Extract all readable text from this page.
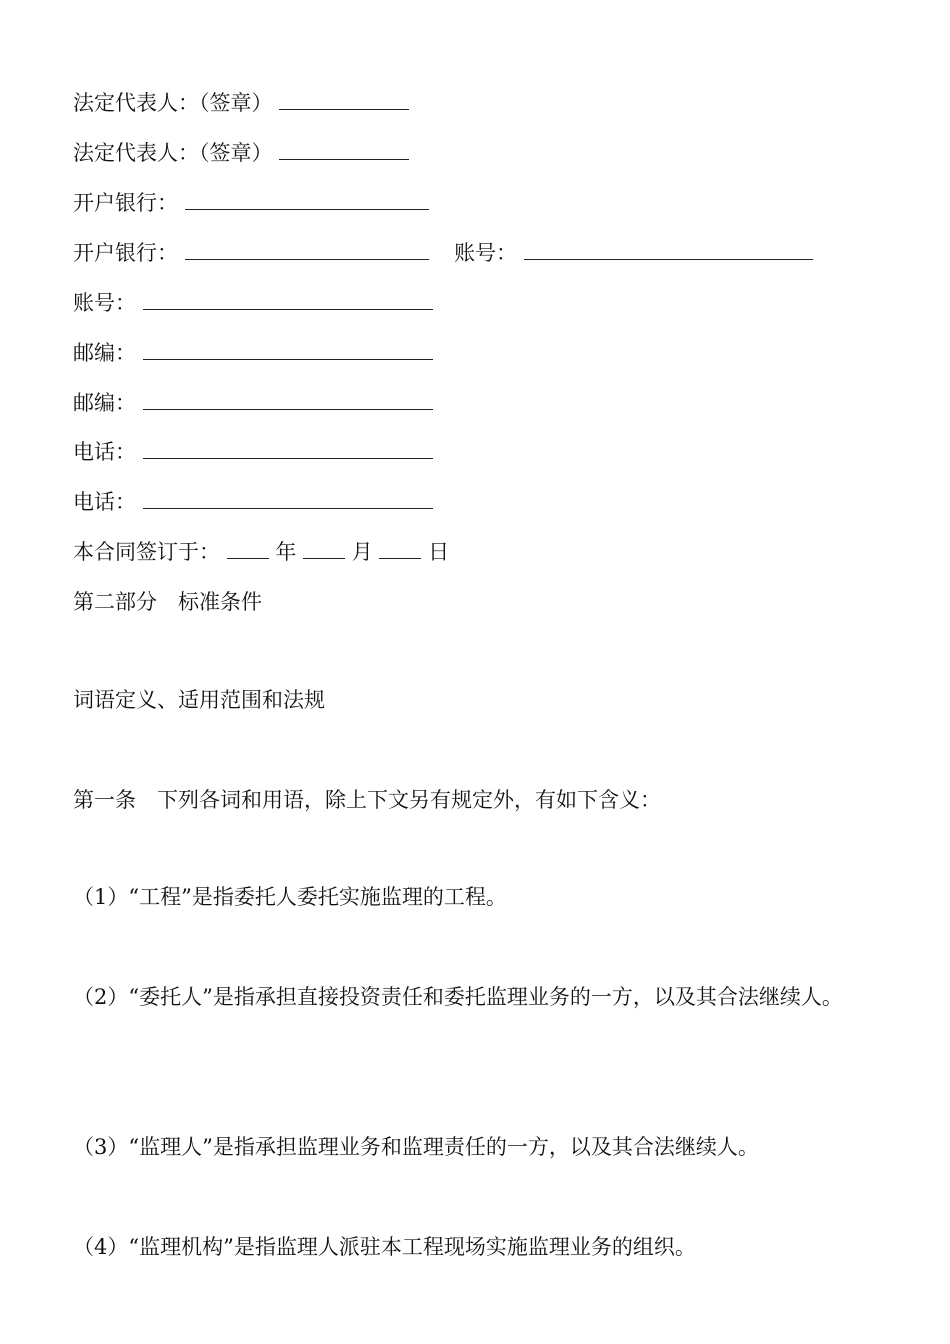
法定代表人：（签章）
法定代表人：（签章）
开户银行：
开户银行：	账号：
账号：
邮编：
邮编：
电话：
电话：
本合同签订于：	年	月	日
第二部分　标准条件
词语定义、适用范围和法规
第一条　下列各词和用语，除上下文另有规定外，有如下含义：
（1）“工程”是指委托人委托实施监理的工程。
（2）“委托人”是指承担直接投资责任和委托监理业务的一方，以及其合法继续人。
（3）“监理人”是指承担监理业务和监理责任的一方，以及其合法继续人。
（4）“监理机构”是指监理人派驻本工程现场实施监理业务的组织。
